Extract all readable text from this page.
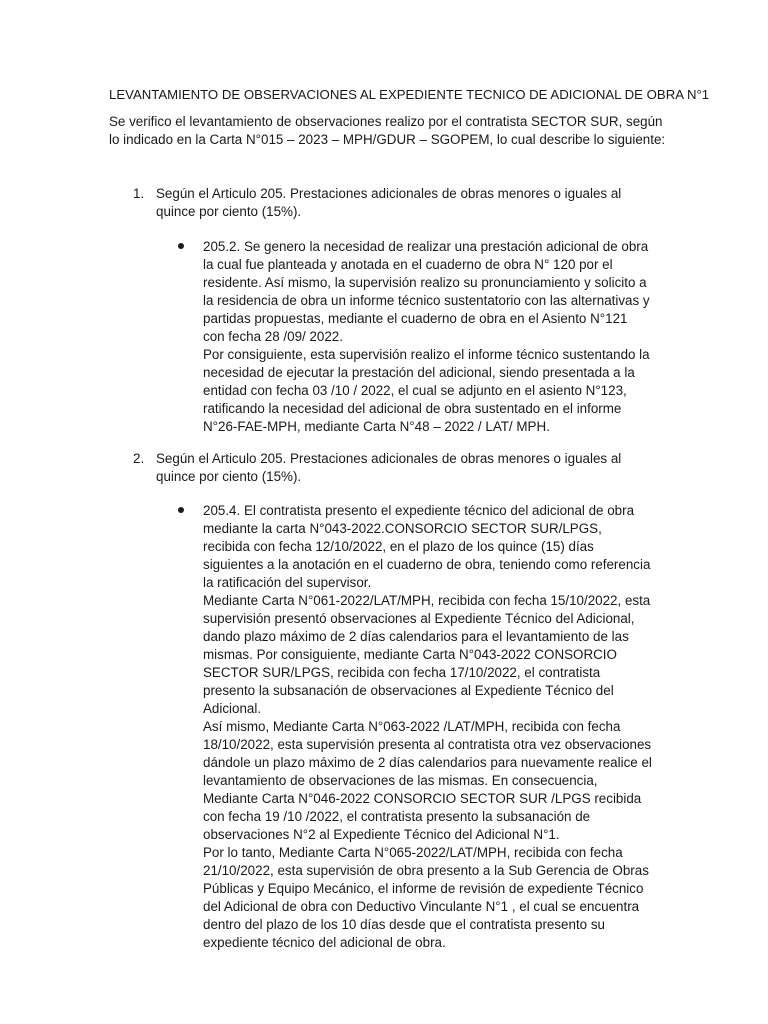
LEVANTAMIENTO DE OBSERVACIONES AL EXPEDIENTE TECNICO DE ADICIONAL DE OBRA N°1
Se verifico el levantamiento de observaciones realizo por el contratista SECTOR SUR, según lo indicado en la Carta N°015 – 2023 – MPH/GDUR – SGOPEM, lo cual describe lo siguiente:
1. Según el Articulo 205. Prestaciones adicionales de obras menores o iguales al quince por ciento (15%).
205.2. Se genero la necesidad de realizar una prestación adicional de obra la cual fue planteada y anotada en el cuaderno de obra N° 120 por el residente. Así mismo, la supervisión realizo su pronunciamiento y solicito a la residencia de obra un informe técnico sustentatorio con las alternativas y partidas propuestas, mediante el cuaderno de obra en el Asiento N°121 con fecha 28 /09/ 2022.
Por consiguiente, esta supervisión realizo el informe técnico sustentando la necesidad de ejecutar la prestación del adicional, siendo presentada a la entidad con fecha 03 /10 / 2022, el cual se adjunto en el asiento N°123, ratificando la necesidad del adicional de obra sustentado en el informe N°26-FAE-MPH, mediante Carta N°48 – 2022 / LAT/ MPH.
2. Según el Articulo 205. Prestaciones adicionales de obras menores o iguales al quince por ciento (15%).
205.4. El contratista presento el expediente técnico del adicional de obra mediante la carta N°043-2022.CONSORCIO SECTOR SUR/LPGS, recibida con fecha 12/10/2022, en el plazo de los quince (15) días siguientes a la anotación en el cuaderno de obra, teniendo como referencia la ratificación del supervisor.
Mediante Carta N°061-2022/LAT/MPH, recibida con fecha 15/10/2022, esta supervisión presentó observaciones al Expediente Técnico del Adicional, dando plazo máximo de 2 días calendarios para el levantamiento de las mismas. Por consiguiente, mediante Carta N°043-2022 CONSORCIO SECTOR SUR/LPGS, recibida con fecha 17/10/2022, el contratista presento la subsanación de observaciones al Expediente Técnico del Adicional.
Así mismo, Mediante Carta N°063-2022 /LAT/MPH, recibida con fecha 18/10/2022, esta supervisión presenta al contratista otra vez observaciones dándole un plazo máximo de 2 días calendarios para nuevamente realice el levantamiento de observaciones de las mismas. En consecuencia, Mediante Carta N°046-2022 CONSORCIO SECTOR SUR /LPGS recibida con fecha 19 /10 /2022, el contratista presento la subsanación de observaciones N°2 al Expediente Técnico del Adicional N°1.
Por lo tanto, Mediante Carta N°065-2022/LAT/MPH, recibida con fecha 21/10/2022, esta supervisión de obra presento a la Sub Gerencia de Obras Públicas y Equipo Mecánico, el informe de revisión de expediente Técnico del Adicional de obra con Deductivo Vinculante N°1 , el cual se encuentra dentro del plazo de los 10 días desde que el contratista presento su expediente técnico del adicional de obra.
